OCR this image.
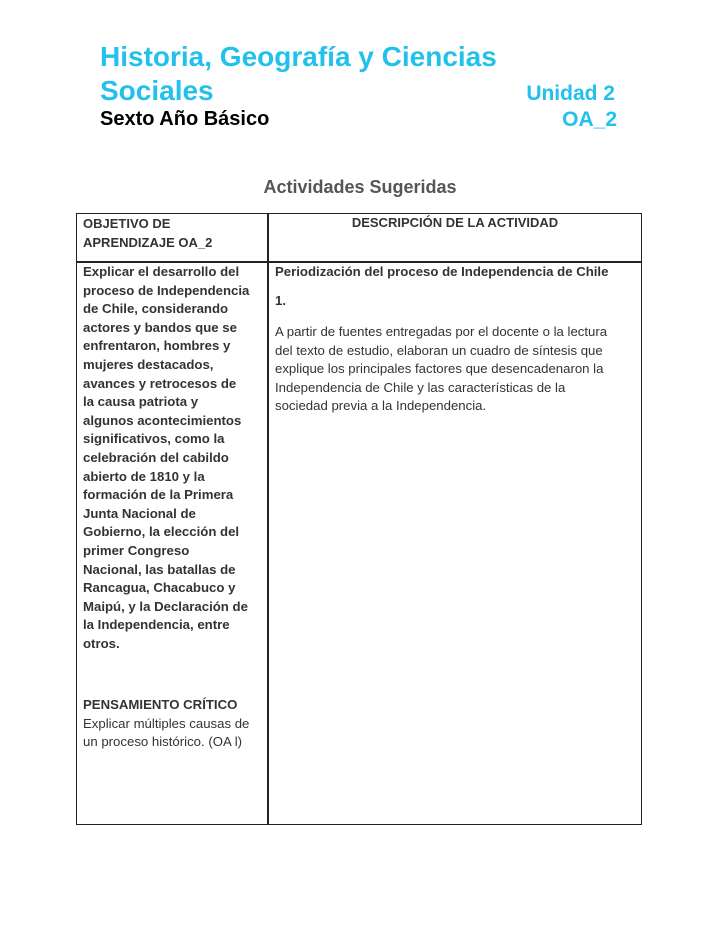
Historia, Geografía y Ciencias
Sociales	Unidad 2
Sexto Año Básico	OA_2
Actividades Sugeridas
OBJETIVO DE
APRENDIZAJE OA_2
DESCRIPCIÓN DE LA ACTIVIDAD
Explicar el desarrollo del
proceso de Independencia
de Chile, considerando
actores y bandos que se
enfrentaron, hombres y
mujeres destacados,
avances y retrocesos de
la causa patriota y
algunos acontecimientos
significativos, como la
celebración del cabildo
abierto de 1810 y la
formación de la Primera
Junta Nacional de
Gobierno, la elección del
primer Congreso
Nacional, las batallas de
Rancagua, Chacabuco y
Maipú, y la Declaración de
la Independencia, entre
otros.
PENSAMIENTO CRÍTICO
Explicar múltiples causas de
un proceso histórico. (OA l)
Periodización del proceso de Independencia de Chile
1.
A partir de fuentes entregadas por el docente o la lectura
del texto de estudio, elaboran un cuadro de síntesis que
explique los principales factores que desencadenaron la
Independencia de Chile y las características de la
sociedad previa a la Independencia.
